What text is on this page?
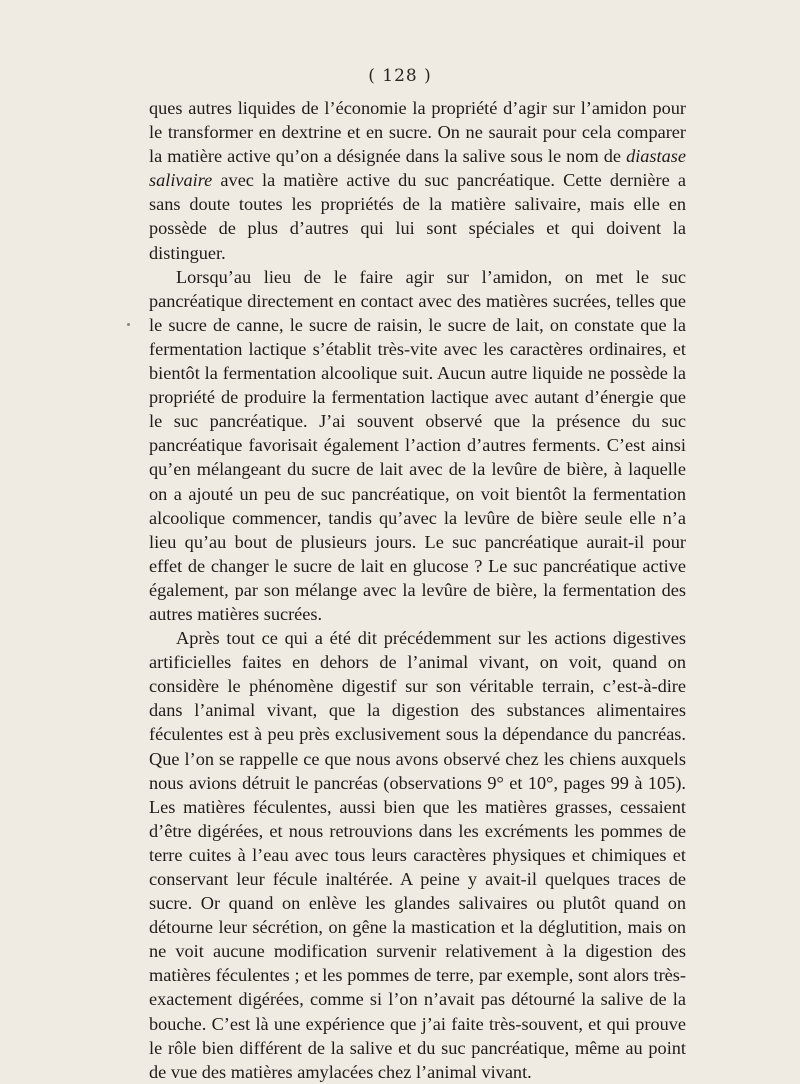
( 128 )

ques autres liquides de l’économie la propriété d’agir sur l’amidon pour le transformer en dextrine et en sucre. On ne saurait pour cela comparer la matière active qu’on a désignée dans la salive sous le nom de diastase salivaire avec la matière active du suc pancréatique. Cette dernière a sans doute toutes les propriétés de la matière salivaire, mais elle en possède de plus d’autres qui lui sont spéciales et qui doivent la distinguer.

Lorsqu’au lieu de le faire agir sur l’amidon, on met le suc pancréatique directement en contact avec des matières sucrées, telles que le sucre de canne, le sucre de raisin, le sucre de lait, on constate que la fermentation lactique s’établit très-vite avec les caractères ordinaires, et bientôt la fermentation alcoolique suit. Aucun autre liquide ne possède la propriété de produire la fermentation lactique avec autant d’énergie que le suc pancréatique. J’ai souvent observé que la présence du suc pancréatique favorisait également l’action d’autres ferments. C’est ainsi qu’en mélangeant du sucre de lait avec de la levûre de bière, à laquelle on a ajouté un peu de suc pancréatique, on voit bientôt la fermentation alcoolique commencer, tandis qu’avec la levûre de bière seule elle n’a lieu qu’au bout de plusieurs jours. Le suc pancréatique aurait-il pour effet de changer le sucre de lait en glucose ? Le suc pancréatique active également, par son mélange avec la levûre de bière, la fermentation des autres matières sucrées.

Après tout ce qui a été dit précédemment sur les actions digestives artificielles faites en dehors de l’animal vivant, on voit, quand on considère le phénomène digestif sur son véritable terrain, c’est-à-dire dans l’animal vivant, que la digestion des substances alimentaires féculentes est à peu près exclusivement sous la dépendance du pancréas. Que l’on se rappelle ce que nous avons observé chez les chiens auxquels nous avions détruit le pancréas (observations 9° et 10°, pages 99 à 105). Les matières féculentes, aussi bien que les matières grasses, cessaient d’être digérées, et nous retrouvions dans les excréments les pommes de terre cuites à l’eau avec tous leurs caractères physiques et chimiques et conservant leur fécule inaltérée. A peine y avait-il quelques traces de sucre. Or quand on enlève les glandes salivaires ou plutôt quand on détourne leur sécrétion, on gêne la mastication et la déglutition, mais on ne voit aucune modification survenir relativement à la digestion des matières féculentes ; et les pommes de terre, par exemple, sont alors très-exactement digérées, comme si l’on n’avait pas détourné la salive de la bouche. C’est là une expérience que j’ai faite très-souvent, et qui prouve le rôle bien différent de la salive et du suc pancréatique, même au point de vue des matières amylacées chez l’animal vivant.
